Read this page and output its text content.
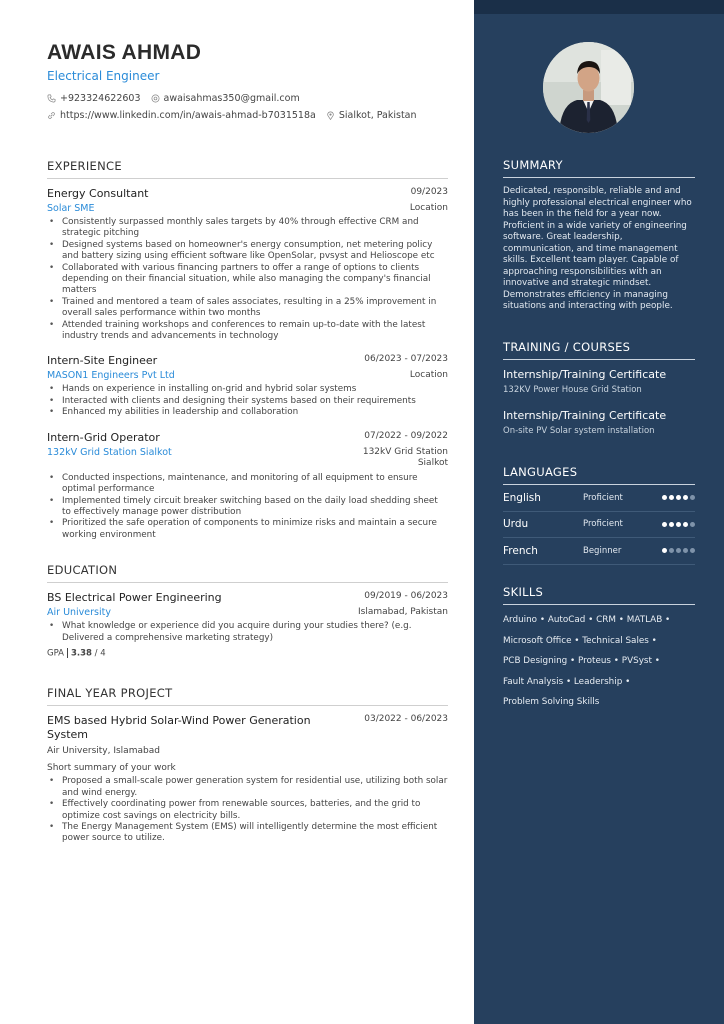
AWAIS AHMAD
Electrical Engineer
+923324622603 awaisahmas350@gmail.com
https://www.linkedin.com/in/awais-ahmad-b7031518a Sialkot, Pakistan
EXPERIENCE
Energy Consultant	09/2023
Solar SME	Location
• Consistently surpassed monthly sales targets by 40% through effective CRM and strategic pitching
• Designed systems based on homeowner's energy consumption, net metering policy and battery sizing using efficient software like OpenSolar, pvsyst and Helioscope etc
• Collaborated with various financing partners to offer a range of options to clients depending on their financial situation, while also managing the company's financial matters
• Trained and mentored a team of sales associates, resulting in a 25% improvement in overall sales performance within two months
• Attended training workshops and conferences to remain up-to-date with the latest industry trends and advancements in technology
Intern-Site Engineer	06/2023 - 07/2023
MASON1 Engineers Pvt Ltd	Location
• Hands on experience in installing on-grid and hybrid solar systems
• Interacted with clients and designing their systems based on their requirements
• Enhanced my abilities in leadership and collaboration
Intern-Grid Operator	07/2022 - 09/2022
132kV Grid Station Sialkot	132kV Grid Station
Sialkot
• Conducted inspections, maintenance, and monitoring of all equipment to ensure optimal performance
• Implemented timely circuit breaker switching based on the daily load shedding sheet to effectively manage power distribution
• Prioritized the safe operation of components to minimize risks and maintain a secure working environment
EDUCATION
BS Electrical Power Engineering	09/2019 - 06/2023
Air University	Islamabad, Pakistan
• What knowledge or experience did you acquire during your studies there? (e.g. Delivered a comprehensive marketing strategy)
GPA 3.38 / 4
FINAL YEAR PROJECT
EMS based Hybrid Solar-Wind Power Generation System
03/2022 - 06/2023
Air University, Islamabad
Short summary of your work
• Proposed a small-scale power generation system for residential use, utilizing both solar and wind energy.
• Effectively coordinating power from renewable sources, batteries, and the grid to optimize cost savings on electricity bills.
• The Energy Management System (EMS) will intelligently determine the most efficient power source to utilize.
SUMMARY
Dedicated, responsible, reliable and and highly professional electrical engineer who has been in the field for a year now. Proficient in a wide variety of engineering software. Great leadership, communication, and time management skills. Excellent team player. Capable of approaching responsibilities with an innovative and strategic mindset. Demonstrates efficiency in managing situations and interacting with people.
TRAINING / COURSES
Internship/Training Certificate
132KV Power House Grid Station
Internship/Training Certificate
On-site PV Solar system installation
LANGUAGES
English	Proficient
Urdu	Proficient
French	Beginner
SKILLS
Arduino • AutoCad • CRM • MATLAB •
Microsoft Office • Technical Sales •
PCB Designing • Proteus • PVSyst •
Fault Analysis • Leadership •
Problem Solving Skills
